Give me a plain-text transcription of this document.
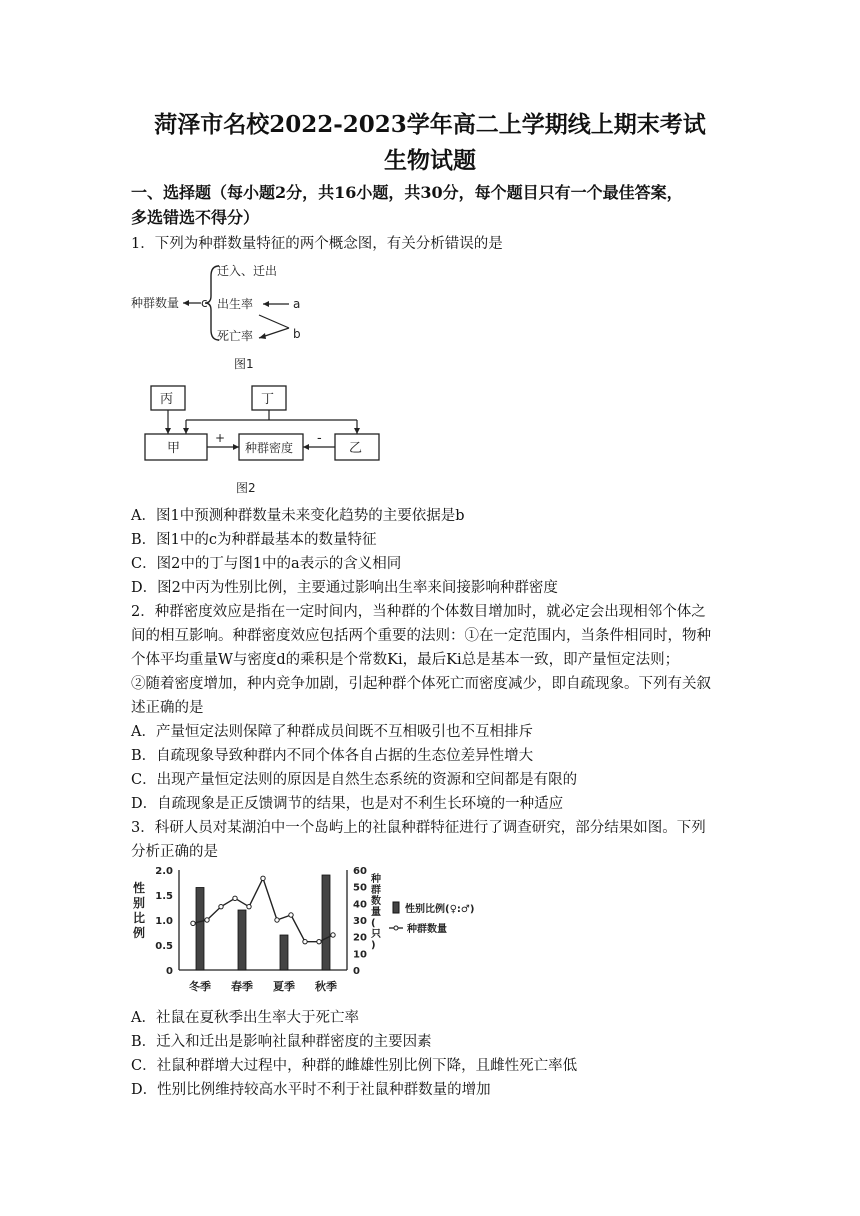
菏泽市名校2022-2023学年高二上学期线上期末考试
生物试题
一、选择题（每小题2分，共16小题，共30分，每个题目只有一个最佳答案，
多选错选不得分）
1．下列为种群数量特征的两个概念图，有关分析错误的是
种群数量 c
迁入、迁出
出生率
死亡率
a
b
图1
丙	丁
甲	种群密度	乙
+	-
图2
A．图1中预测种群数量未来变化趋势的主要依据是b
B．图1中的c为种群最基本的数量特征
C．图2中的丁与图1中的a表示的含义相同
D．图2中丙为性别比例，主要通过影响出生率来间接影响种群密度
2．种群密度效应是指在一定时间内，当种群的个体数目增加时，就必定会出现相邻个体之
间的相互影响。种群密度效应包括两个重要的法则：①在一定范围内，当条件相同时，物种
个体平均重量W与密度d的乘积是个常数Ki，最后Ki总是基本一致，即产量恒定法则；
②随着密度增加，种内竞争加剧，引起种群个体死亡而密度减少，即自疏现象。下列有关叙
述正确的是
A．产量恒定法则保障了种群成员间既不互相吸引也不互相排斥
B．自疏现象导致种群内不同个体各自占据的生态位差异性增大
C．出现产量恒定法则的原因是自然生态系统的资源和空间都是有限的
D．自疏现象是正反馈调节的结果，也是对不利生长环境的一种适应
3．科研人员对某湖泊中一个岛屿上的社鼠种群特征进行了调查研究，部分结果如图。下列
分析正确的是
性
别
比
例
0
0.5
1.0
1.5
2.0
0
10
20
30
40
50
60
种
群
数
量
(
只
)
冬季 春季 夏季 秋季
性别比例(♀:♂)
种群数量
A．社鼠在夏秋季出生率大于死亡率
B．迁入和迁出是影响社鼠种群密度的主要因素
C．社鼠种群增大过程中，种群的雌雄性别比例下降，且雌性死亡率低
D．性别比例维持较高水平时不利于社鼠种群数量的增加
